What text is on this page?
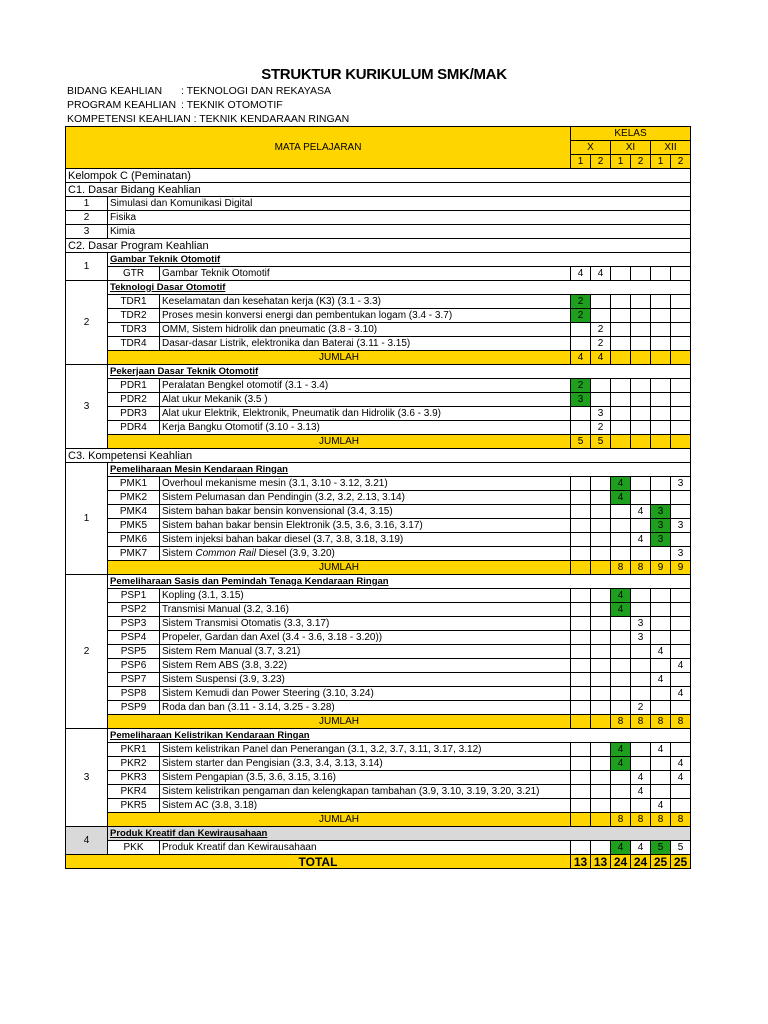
STRUKTUR KURIKULUM SMK/MAK
BIDANG KEAHLIAN : TEKNOLOGI DAN REKAYASA
PROGRAM KEAHLIAN : TEKNIK OTOMOTIF
KOMPETENSI KEAHLIAN : TEKNIK KENDARAAN RINGAN
MATA PELAJARAN			KELAS					
			X		XI		XII	
			1	2	1	2	1	2
Kelompok C (Peminatan)								
C1. Dasar Bidang Keahlian								
1	Simulasi dan Komunikasi Digital							
2	Fisika							
3	Kimia							
C2. Dasar Program Keahlian								
1	Gambar Teknik Otomotif							
	GTR	Gambar Teknik Otomotif	4	4				
2	Teknologi Dasar Otomotif							
	TDR1	Keselamatan dan kesehatan kerja (K3) (3.1 - 3.3)	2					
	TDR2	Proses mesin konversi energi dan pembentukan logam (3.4 - 3.7)	2					
	TDR3	OMM, Sistem hidrolik dan pneumatic (3.8 - 3.10)		2				
	TDR4	Dasar-dasar Listrik, elektronika dan Baterai (3.11 - 3.15)		2				
	JUMLAH		4	4				
3	Pekerjaan Dasar Teknik Otomotif							
	PDR1	Peralatan Bengkel otomotif (3.1 - 3.4)	2					
	PDR2	Alat ukur Mekanik (3.5 )	3					
	PDR3	Alat ukur Elektrik, Elektronik, Pneumatik dan Hidrolik (3.6 - 3.9)		3				
	PDR4	Kerja Bangku Otomotif (3.10 - 3.13)		2				
	JUMLAH		5	5				
C3. Kompetensi Keahlian								
1	Pemeliharaan Mesin Kendaraan Ringan							
	PMK1	Overhoul mekanisme mesin (3.1, 3.10 - 3.12, 3.21)			4			3
	PMK2	Sistem Pelumasan dan Pendingin (3.2, 3.2, 2.13, 3.14)			4			
	PMK4	Sistem bahan bakar bensin konvensional (3.4, 3.15)				4	3	
	PMK5	Sistem bahan bakar bensin Elektronik (3.5, 3.6, 3.16, 3.17)					3	3
	PMK6	Sistem injeksi bahan bakar diesel (3.7, 3.8, 3.18, 3.19)				4	3	
	PMK7	Sistem Common Rail Diesel (3.9, 3.20)						3
	JUMLAH				8	8	9	9
2	Pemeliharaan Sasis dan Pemindah Tenaga Kendaraan Ringan							
	PSP1	Kopling (3.1, 3.15)			4			
	PSP2	Transmisi Manual (3.2, 3.16)			4			
	PSP3	Sistem Transmisi Otomatis (3.3, 3.17)				3		
	PSP4	Propeler, Gardan dan Axel (3.4 - 3.6, 3.18 - 3.20))				3		
	PSP5	Sistem Rem Manual (3.7, 3.21)					4	
	PSP6	Sistem Rem ABS (3.8, 3.22)						4
	PSP7	Sistem Suspensi (3.9, 3.23)					4	
	PSP8	Sistem Kemudi dan Power Steering (3.10, 3.24)						4
	PSP9	Roda dan ban (3.11 - 3.14, 3.25 - 3.28)				2		
	JUMLAH				8	8	8	8
3	Pemeliharaan Kelistrikan Kendaraan Ringan							
	PKR1	Sistem kelistrikan Panel dan Penerangan (3.1, 3.2, 3.7, 3.11, 3.17, 3.12)			4		4	
	PKR2	Sistem starter dan Pengisian (3.3, 3.4, 3.13, 3.14)			4			4
	PKR3	Sistem Pengapian (3.5, 3.6, 3.15, 3.16)				4		4
	PKR4	Sistem kelistrikan pengaman dan kelengkapan tambahan (3.9, 3.10, 3.19, 3.20, 3.21)				4		
	PKR5	Sistem AC (3.8, 3.18)					4	
	JUMLAH				8	8	8	8
4	Produk Kreatif dan Kewirausahaan							
	PKK	Produk Kreatif dan Kewirausahaan			4	4	5	5
TOTAL			13	13	24	24	25	25
